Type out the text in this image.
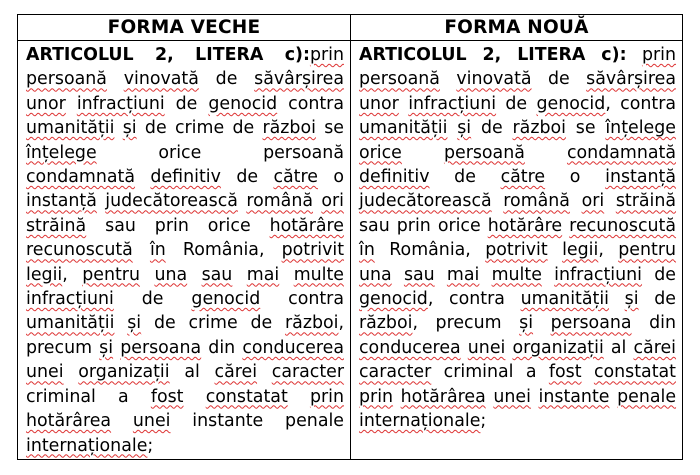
FORMA VECHE	FORMA NOUĂ
ARTICOLUL 2, LITERA c):prin persoană vinovată de săvârșirea unor infracțiuni de genocid contra umanității și de crime de război se înțelege orice persoană condamnată definitiv de către o instanță judecătorească română ori străină sau prin orice hotărâre recunoscută în România, potrivit legii, pentru una sau mai multe infracțiuni de genocid contra umanității și de crime de război, precum și persoana din conducerea unei organizații al cărei caracter criminal a fost constatat prin hotărârea unei instante penale internaționale;
ARTICOLUL 2, LITERA c): prin persoană vinovată de săvârșirea unor infracțiuni de genocid, contra umanității și de război se înțelege orice persoană condamnată definitiv de către o instanță judecătorească română ori străină sau prin orice hotărâre recunoscută în România, potrivit legii, pentru una sau mai multe infracțiuni de genocid, contra umanității și de război, precum și persoana din conducerea unei organizații al cărei caracter criminal a fost constatat prin hotărârea unei instante penale internaționale;
